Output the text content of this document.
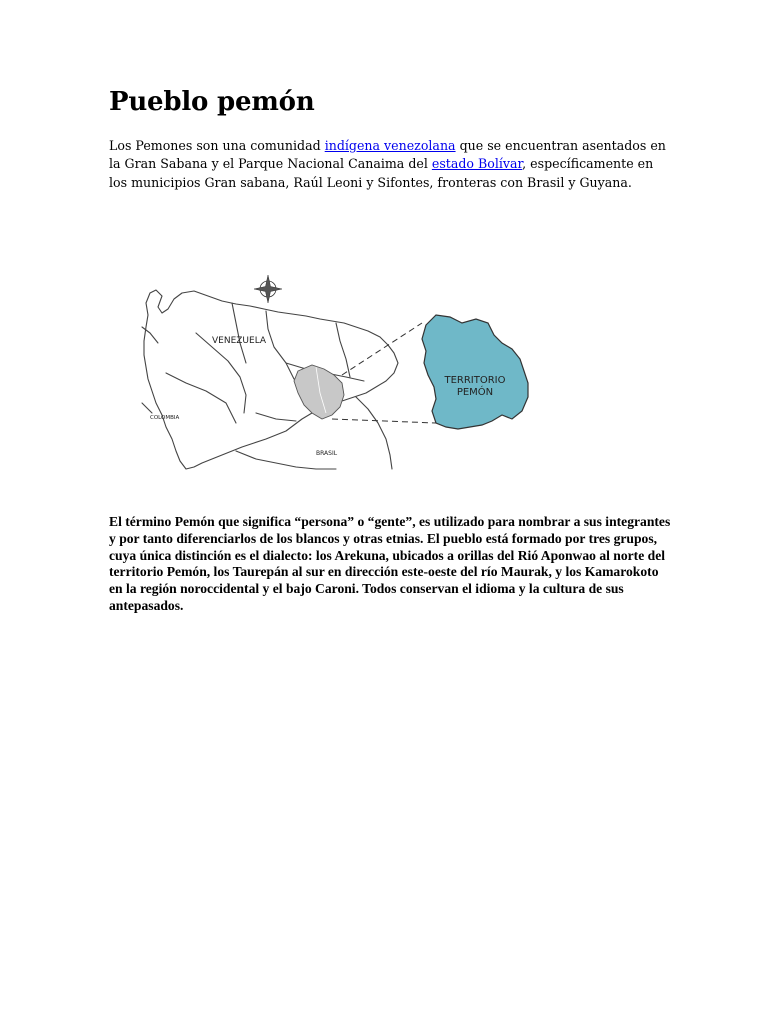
Pueblo pemón

Los Pemones son una comunidad indígena venezolana que se encuentran asentados en la Gran Sabana y el Parque Nacional Canaima del estado Bolívar, específicamente en los municipios Gran sabana, Raúl Leoni y Sifontes, fronteras con Brasil y Guyana.

VENEZUELA
COLOMBIA
BRASIL
TERRITORIO
PEMÓN

El término Pemón que significa “persona” o “gente”, es utilizado para nombrar a sus integrantes y por tanto diferenciarlos de los blancos y otras etnias. El pueblo está formado por tres grupos, cuya única distinción es el dialecto: los Arekuna, ubicados a orillas del Rió Aponwao al norte del territorio Pemón, los Taurepán al sur en dirección este-oeste del río Maurak, y los Kamarokoto en la región noroccidental y el bajo Caroni. Todos conservan el idioma y la cultura de sus antepasados.
